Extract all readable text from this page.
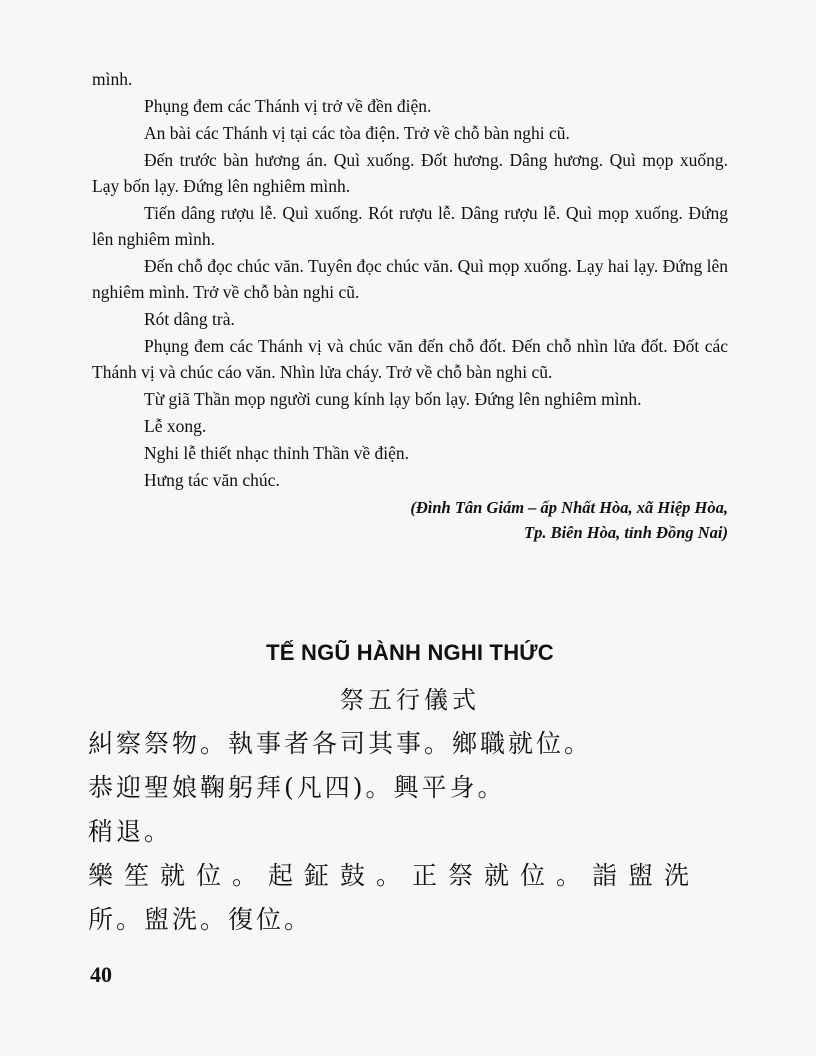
mình.

Phụng đem các Thánh vị trở về đền điện.

An bài các Thánh vị tại các tòa điện. Trở về chỗ bàn nghi cũ.

Đến trước bàn hương án. Quì xuống. Đốt hương. Dâng hương. Quì mọp xuống. Lạy bốn lạy. Đứng lên nghiêm mình.

Tiến dâng rượu lễ. Quì xuống. Rót rượu lễ. Dâng rượu lễ. Quì mọp xuống. Đứng lên nghiêm mình.

Đến chỗ đọc chúc văn. Tuyên đọc chúc văn. Quì mọp xuống. Lạy hai lạy. Đứng lên nghiêm mình. Trở về chỗ bàn nghi cũ.

Rót dâng trà.

Phụng đem các Thánh vị và chúc văn đến chỗ đốt. Đến chỗ nhìn lửa đốt. Đốt các Thánh vị và chúc cáo văn. Nhìn lửa cháy. Trở về chỗ bàn nghi cũ.

Từ giã Thần mọp người cung kính lạy bốn lạy. Đứng lên nghiêm mình.

Lễ xong.

Nghi lễ thiết nhạc thỉnh Thần về điện.

Hưng tác văn chúc.

(Đình Tân Giám – ấp Nhất Hòa, xã Hiệp Hòa,

Tp. Biên Hòa, tỉnh Đồng Nai)

TẾ NGŨ HÀNH NGHI THỨC
祭五行儀式

糾察祭物。執事者各司其事。鄉職就位。

恭迎聖娘鞠躬拜(凡四)。興平身。

稍退。

樂笙就位。起鉦鼓。正祭就位。詣盥洗

所。盥洗。復位。

40
